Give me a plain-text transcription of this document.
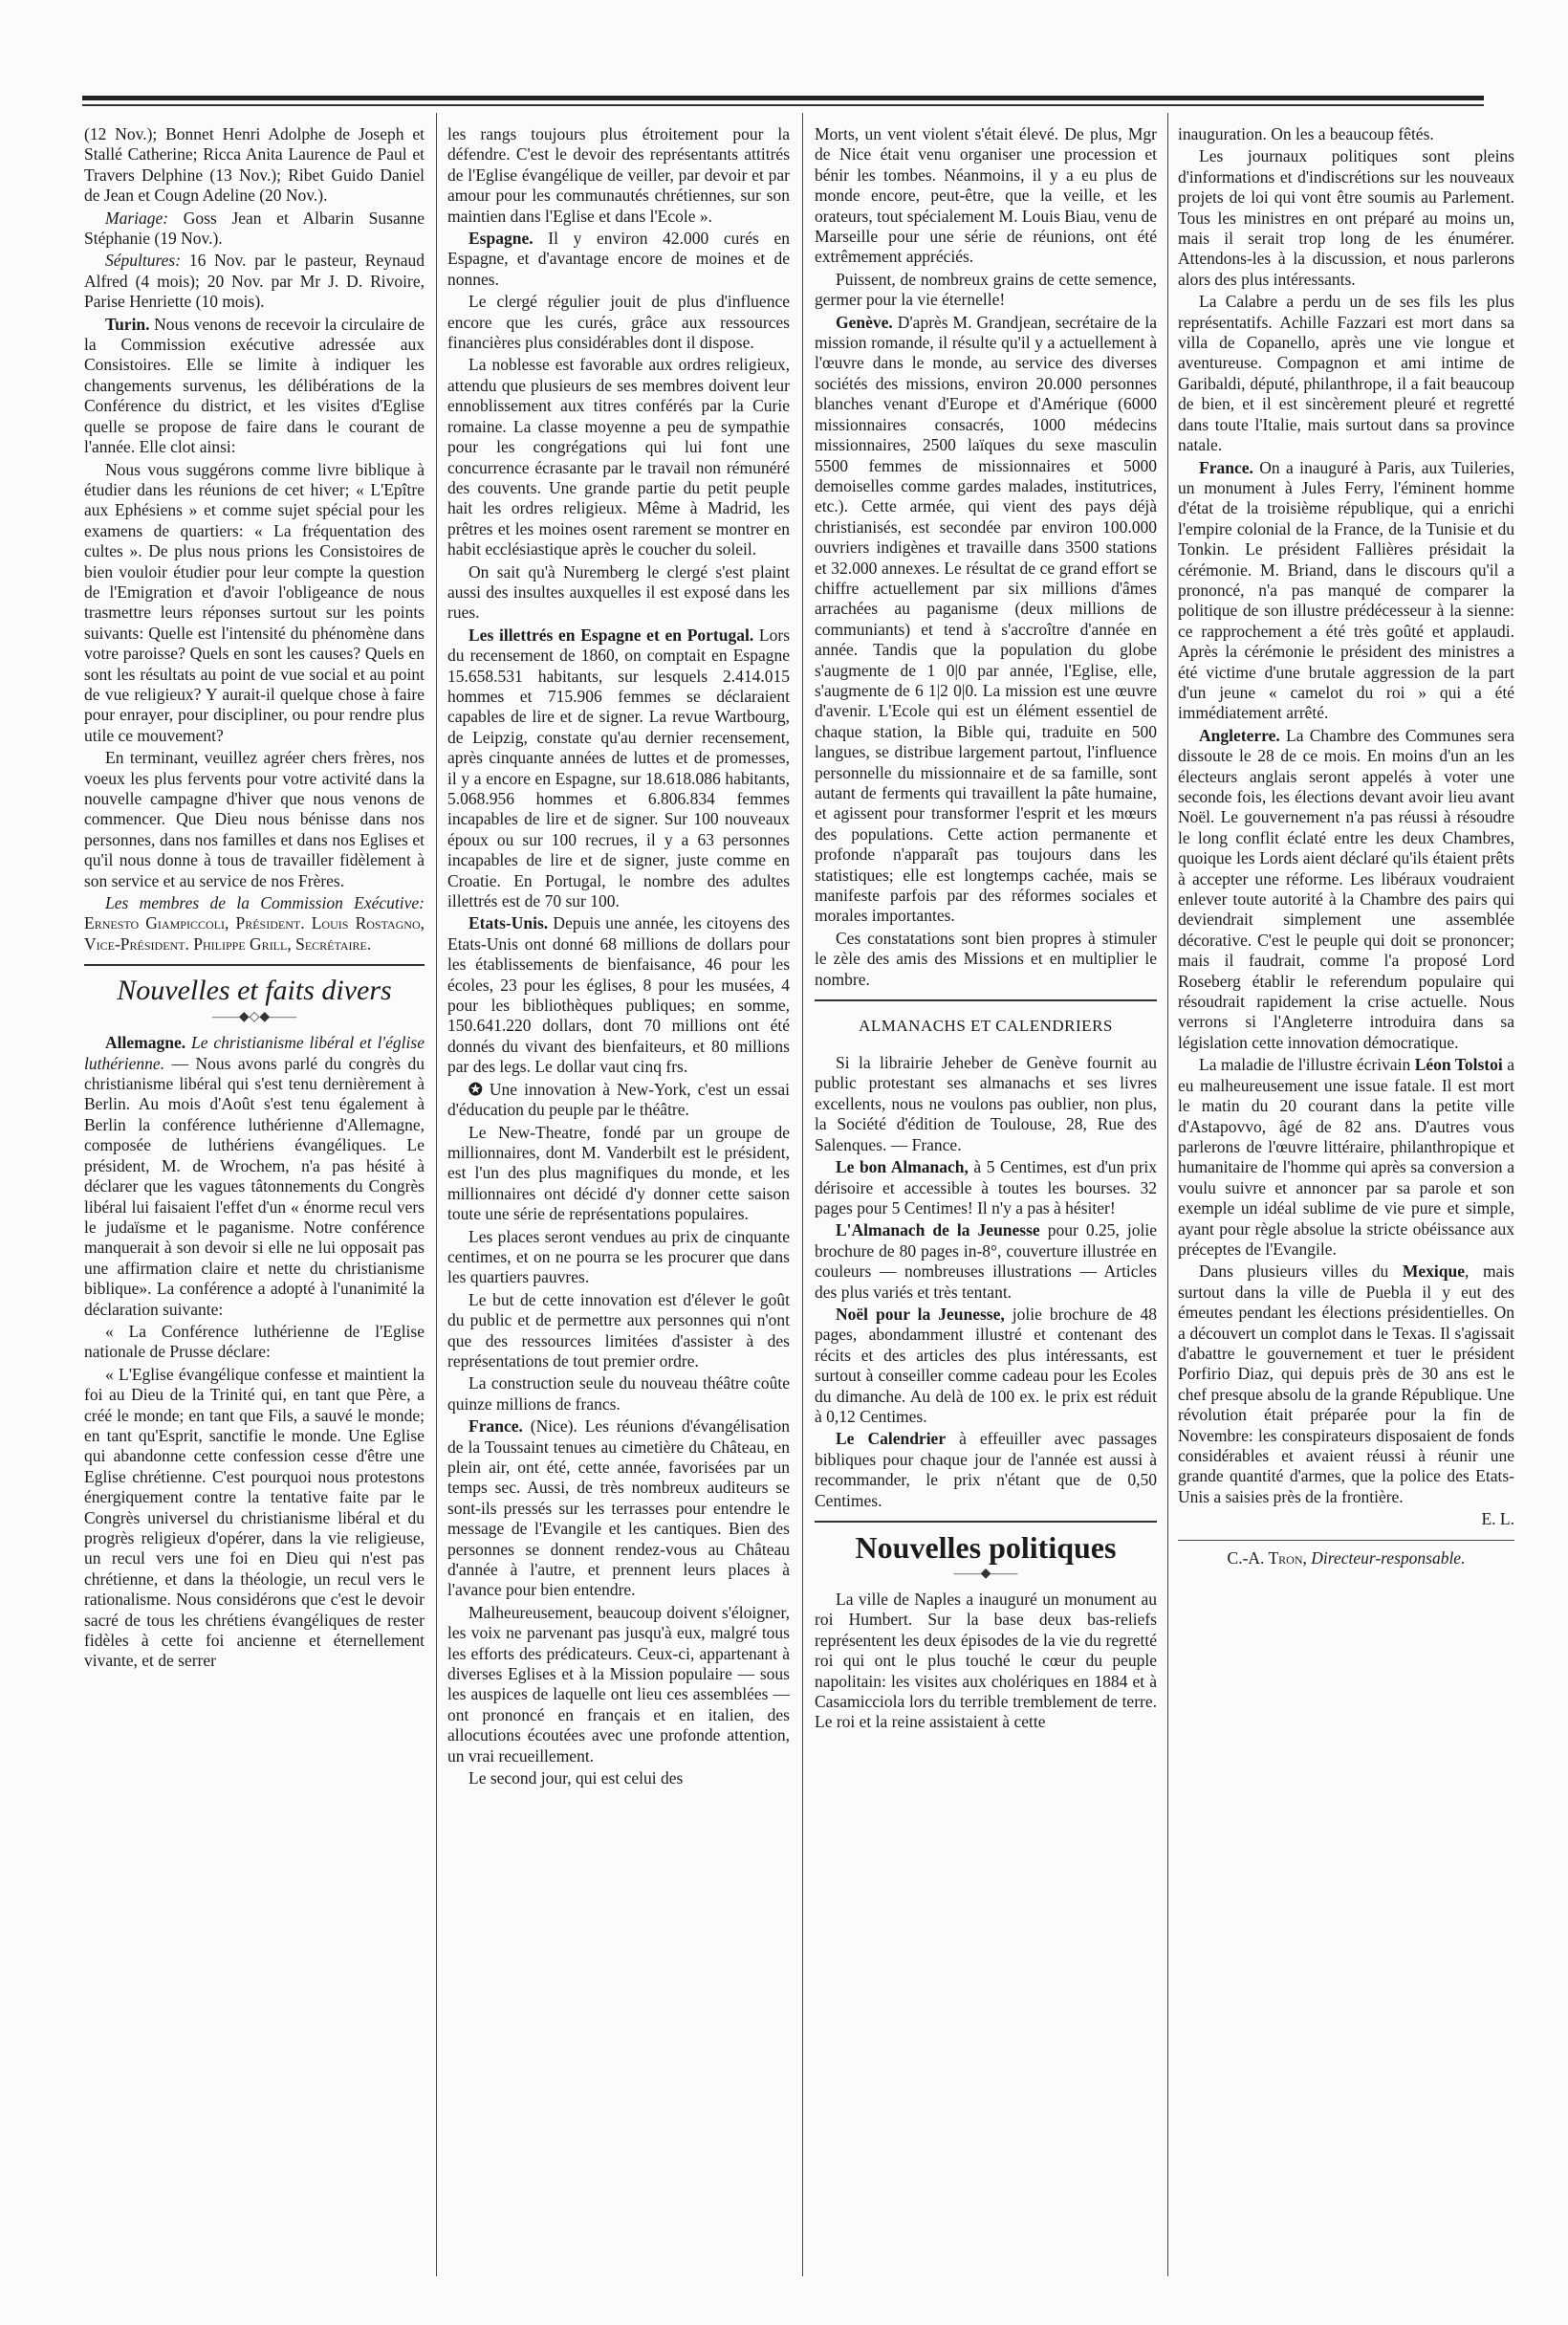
(12 Nov.); Bonnet Henri Adolphe de Joseph et Stallé Catherine; Ricca Anita Laurence de Paul et Travers Delphine (13 Nov.); Ribet Guido Daniel de Jean et Cougn Adeline (20 Nov.).

Mariage: Goss Jean et Albarin Susanne Stéphanie (19 Nov.).

Sépultures: 16 Nov. par le pasteur, Reynaud Alfred (4 mois); 20 Nov. par Mr J. D. Rivoire, Parise Henriette (10 mois).

Turin. Nous venons de recevoir la circulaire de la Commission exécutive adressée aux Consistoires. Elle se limite à indiquer les changements survenus, les délibérations de la Conférence du district, et les visites d'Eglise quelle se propose de faire dans le courant de l'année. Elle clot ainsi:

Nous vous suggérons comme livre biblique à étudier dans les réunions de cet hiver; « L'Epître aux Ephésiens » et comme sujet spécial pour les examens de quartiers: « La fréquentation des cultes ». De plus nous prions les Consistoires de bien vouloir étudier pour leur compte la question de l'Emigration et d'avoir l'obligeance de nous trasmettre leurs réponses surtout sur les points suivants: Quelle est l'intensité du phénomène dans votre paroisse? Quels en sont les causes? Quels en sont les résultats au point de vue social et au point de vue religieux? Y aurait-il quelque chose à faire pour enrayer, pour discipliner, ou pour rendre plus utile ce mouvement?

En terminant, veuillez agréer chers frères, nos voeux les plus fervents pour votre activité dans la nouvelle campagne d'hiver que nous venons de commencer. Que Dieu nous bénisse dans nos personnes, dans nos familles et dans nos Eglises et qu'il nous donne à tous de travailler fidèlement à son service et au service de nos Frères.

Les membres de la Commission Exécutive: Ernesto Giampiccoli, Président. Louis Rostagno, Vice-Président. Philippe Grill, Secrétaire.

Nouvelles et faits divers
——◆◇◆——

Allemagne. Le christianisme libéral et l'église luthérienne. — Nous avons parlé du congrès du christianisme libéral qui s'est tenu dernièrement à Berlin. Au mois d'Août s'est tenu également à Berlin la conférence luthérienne d'Allemagne, composée de luthériens évangéliques. Le président, M. de Wrochem, n'a pas hésité à déclarer que les vagues tâtonnements du Congrès libéral lui faisaient l'effet d'un « énorme recul vers le judaïsme et le paganisme. Notre conférence manquerait à son devoir si elle ne lui opposait pas une affirmation claire et nette du christianisme biblique». La conférence a adopté à l'unanimité la déclaration suivante:

« La Conférence luthérienne de l'Eglise nationale de Prusse déclare:

« L'Eglise évangélique confesse et maintient la foi au Dieu de la Trinité qui, en tant que Père, a créé le monde; en tant que Fils, a sauvé le monde; en tant qu'Esprit, sanctifie le monde. Une Eglise qui abandonne cette confession cesse d'être une Eglise chrétienne. C'est pourquoi nous protestons énergiquement contre la tentative faite par le Congrès universel du christianisme libéral et du progrès religieux d'opérer, dans la vie religieuse, un recul vers une foi en Dieu qui n'est pas chrétienne, et dans la théologie, un recul vers le rationalisme. Nous considérons que c'est le devoir sacré de tous les chrétiens évangéliques de rester fidèles à cette foi ancienne et éternellement vivante, et de serrer

les rangs toujours plus étroitement pour la défendre. C'est le devoir des représentants attitrés de l'Eglise évangélique de veiller, par devoir et par amour pour les communautés chrétiennes, sur son maintien dans l'Eglise et dans l'Ecole ».

Espagne. Il y environ 42.000 curés en Espagne, et d'avantage encore de moines et de nonnes.

Le clergé régulier jouit de plus d'influence encore que les curés, grâce aux ressources financières plus considérables dont il dispose.

La noblesse est favorable aux ordres religieux, attendu que plusieurs de ses membres doivent leur ennoblissement aux titres conférés par la Curie romaine. La classe moyenne a peu de sympathie pour les congrégations qui lui font une concurrence écrasante par le travail non rémunéré des couvents. Une grande partie du petit peuple hait les ordres religieux. Même à Madrid, les prêtres et les moines osent rarement se montrer en habit ecclésiastique après le coucher du soleil.

On sait qu'à Nuremberg le clergé s'est plaint aussi des insultes auxquelles il est exposé dans les rues.

Les illettrés en Espagne et en Portugal. Lors du recensement de 1860, on comptait en Espagne 15.658.531 habitants, sur lesquels 2.414.015 hommes et 715.906 femmes se déclaraient capables de lire et de signer. La revue Wartbourg, de Leipzig, constate qu'au dernier recensement, après cinquante années de luttes et de promesses, il y a encore en Espagne, sur 18.618.086 habitants, 5.068.956 hommes et 6.806.834 femmes incapables de lire et de signer. Sur 100 nouveaux époux ou sur 100 recrues, il y a 63 personnes incapables de lire et de signer, juste comme en Croatie. En Portugal, le nombre des adultes illettrés est de 70 sur 100.

Etats-Unis. Depuis une année, les citoyens des Etats-Unis ont donné 68 millions de dollars pour les établissements de bienfaisance, 46 pour les écoles, 23 pour les églises, 8 pour les musées, 4 pour les bibliothèques publiques; en somme, 150.641.220 dollars, dont 70 millions ont été donnés du vivant des bienfaiteurs, et 80 millions par des legs. Le dollar vaut cinq frs.

✪ Une innovation à New-York, c'est un essai d'éducation du peuple par le théâtre.

Le New-Theatre, fondé par un groupe de millionnaires, dont M. Vanderbilt est le président, est l'un des plus magnifiques du monde, et les millionnaires ont décidé d'y donner cette saison toute une série de représentations populaires.

Les places seront vendues au prix de cinquante centimes, et on ne pourra se les procurer que dans les quartiers pauvres.

Le but de cette innovation est d'élever le goût du public et de permettre aux personnes qui n'ont que des ressources limitées d'assister à des représentations de tout premier ordre.

La construction seule du nouveau théâtre coûte quinze millions de francs.

France. (Nice). Les réunions d'évangélisation de la Toussaint tenues au cimetière du Château, en plein air, ont été, cette année, favorisées par un temps sec. Aussi, de très nombreux auditeurs se sont-ils pressés sur les terrasses pour entendre le message de l'Evangile et les cantiques. Bien des personnes se donnent rendez-vous au Château d'année à l'autre, et prennent leurs places à l'avance pour bien entendre.

Malheureusement, beaucoup doivent s'éloigner, les voix ne parvenant pas jusqu'à eux, malgré tous les efforts des prédicateurs. Ceux-ci, appartenant à diverses Eglises et à la Mission populaire — sous les auspices de laquelle ont lieu ces assemblées — ont prononcé en français et en italien, des allocutions écoutées avec une profonde attention, un vrai recueillement.

Le second jour, qui est celui des

Morts, un vent violent s'était élevé. De plus, Mgr de Nice était venu organiser une procession et bénir les tombes. Néanmoins, il y a eu plus de monde encore, peut-être, que la veille, et les orateurs, tout spécialement M. Louis Biau, venu de Marseille pour une série de réunions, ont été extrêmement appréciés.

Puissent, de nombreux grains de cette semence, germer pour la vie éternelle!

Genève. D'après M. Grandjean, secrétaire de la mission romande, il résulte qu'il y a actuellement à l'œuvre dans le monde, au service des diverses sociétés des missions, environ 20.000 personnes blanches venant d'Europe et d'Amérique (6000 missionnaires consacrés, 1000 médecins missionnaires, 2500 laïques du sexe masculin 5500 femmes de missionnaires et 5000 demoiselles comme gardes malades, institutrices, etc.). Cette armée, qui vient des pays déjà christianisés, est secondée par environ 100.000 ouvriers indigènes et travaille dans 3500 stations et 32.000 annexes. Le résultat de ce grand effort se chiffre actuellement par six millions d'âmes arrachées au paganisme (deux millions de communiants) et tend à s'accroître d'année en année. Tandis que la population du globe s'augmente de 1 0|0 par année, l'Eglise, elle, s'augmente de 6 1|2 0|0. La mission est une œuvre d'avenir. L'Ecole qui est un élément essentiel de chaque station, la Bible qui, traduite en 500 langues, se distribue largement partout, l'influence personnelle du missionnaire et de sa famille, sont autant de ferments qui travaillent la pâte humaine, et agissent pour transformer l'esprit et les mœurs des populations. Cette action permanente et profonde n'apparaît pas toujours dans les statistiques; elle est longtemps cachée, mais se manifeste parfois par des réformes sociales et morales importantes.

Ces constatations sont bien propres à stimuler le zèle des amis des Missions et en multiplier le nombre.

ALMANACHS ET CALENDRIERS

Si la librairie Jeheber de Genève fournit au public protestant ses almanachs et ses livres excellents, nous ne voulons pas oublier, non plus, la Société d'édition de Toulouse, 28, Rue des Salenques. — France.

Le bon Almanach, à 5 Centimes, est d'un prix dérisoire et accessible à toutes les bourses. 32 pages pour 5 Centimes! Il n'y a pas à hésiter!

L'Almanach de la Jeunesse pour 0.25, jolie brochure de 80 pages in-8°, couverture illustrée en couleurs — nombreuses illustrations — Articles des plus variés et très tentant.

Noël pour la Jeunesse, jolie brochure de 48 pages, abondamment illustré et contenant des récits et des articles des plus intéressants, est surtout à conseiller comme cadeau pour les Ecoles du dimanche. Au delà de 100 ex. le prix est réduit à 0,12 Centimes.

Le Calendrier à effeuiller avec passages bibliques pour chaque jour de l'année est aussi à recommander, le prix n'étant que de 0,50 Centimes.

Nouvelles politiques
——◆——

La ville de Naples a inauguré un monument au roi Humbert. Sur la base deux bas-reliefs représentent les deux épisodes de la vie du regretté roi qui ont le plus touché le cœur du peuple napolitain: les visites aux cholériques en 1884 et à Casamicciola lors du terrible tremblement de terre. Le roi et la reine assistaient à cette

inauguration. On les a beaucoup fêtés.

Les journaux politiques sont pleins d'informations et d'indiscrétions sur les nouveaux projets de loi qui vont être soumis au Parlement. Tous les ministres en ont préparé au moins un, mais il serait trop long de les énumérer. Attendons-les à la discussion, et nous parlerons alors des plus intéressants.

La Calabre a perdu un de ses fils les plus représentatifs. Achille Fazzari est mort dans sa villa de Copanello, après une vie longue et aventureuse. Compagnon et ami intime de Garibaldi, député, philanthrope, il a fait beaucoup de bien, et il est sincèrement pleuré et regretté dans toute l'Italie, mais surtout dans sa province natale.

France. On a inauguré à Paris, aux Tuileries, un monument à Jules Ferry, l'éminent homme d'état de la troisième république, qui a enrichi l'empire colonial de la France, de la Tunisie et du Tonkin. Le président Fallières présidait la cérémonie. M. Briand, dans le discours qu'il a prononcé, n'a pas manqué de comparer la politique de son illustre prédécesseur à la sienne: ce rapprochement a été très goûté et applaudi. Après la cérémonie le président des ministres a été victime d'une brutale aggression de la part d'un jeune « camelot du roi » qui a été immédiatement arrêté.

Angleterre. La Chambre des Communes sera dissoute le 28 de ce mois. En moins d'un an les électeurs anglais seront appelés à voter une seconde fois, les élections devant avoir lieu avant Noël. Le gouvernement n'a pas réussi à résoudre le long conflit éclaté entre les deux Chambres, quoique les Lords aient déclaré qu'ils étaient prêts à accepter une réforme. Les libéraux voudraient enlever toute autorité à la Chambre des pairs qui deviendrait simplement une assemblée décorative. C'est le peuple qui doit se prononcer; mais il faudrait, comme l'a proposé Lord Roseberg établir le referendum populaire qui résoudrait rapidement la crise actuelle. Nous verrons si l'Angleterre introduira dans sa législation cette innovation démocratique.

La maladie de l'illustre écrivain Léon Tolstoi a eu malheureusement une issue fatale. Il est mort le matin du 20 courant dans la petite ville d'Astapovvo, âgé de 82 ans. D'autres vous parlerons de l'œuvre littéraire, philanthropique et humanitaire de l'homme qui après sa conversion a voulu suivre et annoncer par sa parole et son exemple un idéal sublime de vie pure et simple, ayant pour règle absolue la stricte obéissance aux préceptes de l'Evangile.

Dans plusieurs villes du Mexique, mais surtout dans la ville de Puebla il y eut des émeutes pendant les élections présidentielles. On a découvert un complot dans le Texas. Il s'agissait d'abattre le gouvernement et tuer le président Porfirio Diaz, qui depuis près de 30 ans est le chef presque absolu de la grande République. Une révolution était préparée pour la fin de Novembre: les conspirateurs disposaient de fonds considérables et avaient réussi à réunir une grande quantité d'armes, que la police des Etats-Unis a saisies près de la frontière.

E. L.

C.-A. Tron, Directeur-responsable.
